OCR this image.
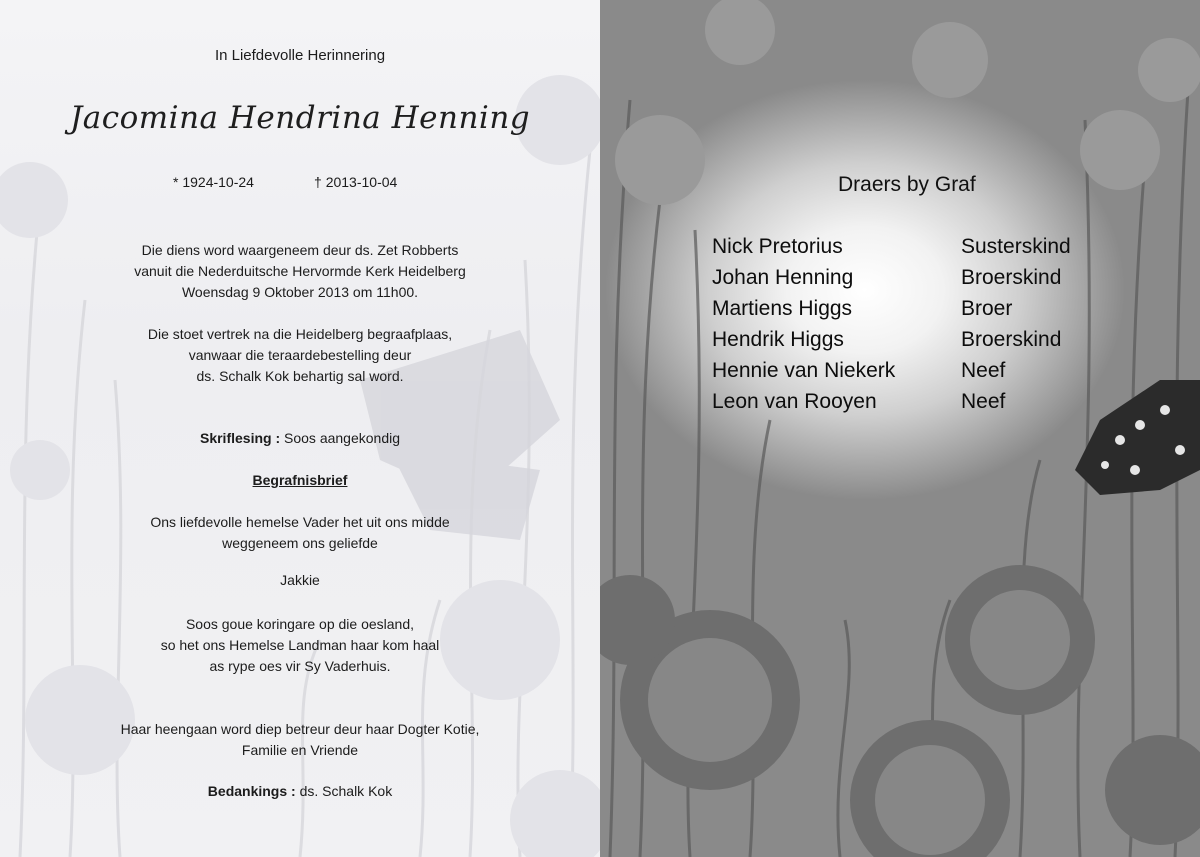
In Liefdevolle Herinnering
Jacomina Hendrina Henning
* 1924-10-24	† 2013-10-04
Die diens word waargeneem deur ds. Zet Robberts
vanuit die Nederduitsche Hervormde Kerk Heidelberg
Woensdag 9 Oktober 2013 om 11h00.
Die stoet vertrek na die Heidelberg begraafplaas,
vanwaar die teraardebestelling deur
ds. Schalk Kok behartig sal word.
Skriflesing : Soos aangekondig
Begrafnisbrief
Ons liefdevolle hemelse Vader het uit ons midde
weggeneem ons geliefde
Jakkie
Soos goue koringare op die oesland,
so het ons Hemelse Landman haar kom haal
as rype oes vir Sy Vaderhuis.
Haar heengaan word diep betreur deur haar Dogter Kotie,
Familie en Vriende
Bedankings : ds. Schalk Kok
Draers by Graf
Nick Pretorius	Susterskind
Johan Henning	Broerskind
Martiens Higgs	Broer
Hendrik Higgs	Broerskind
Hennie van Niekerk	Neef
Leon van Rooyen	Neef
